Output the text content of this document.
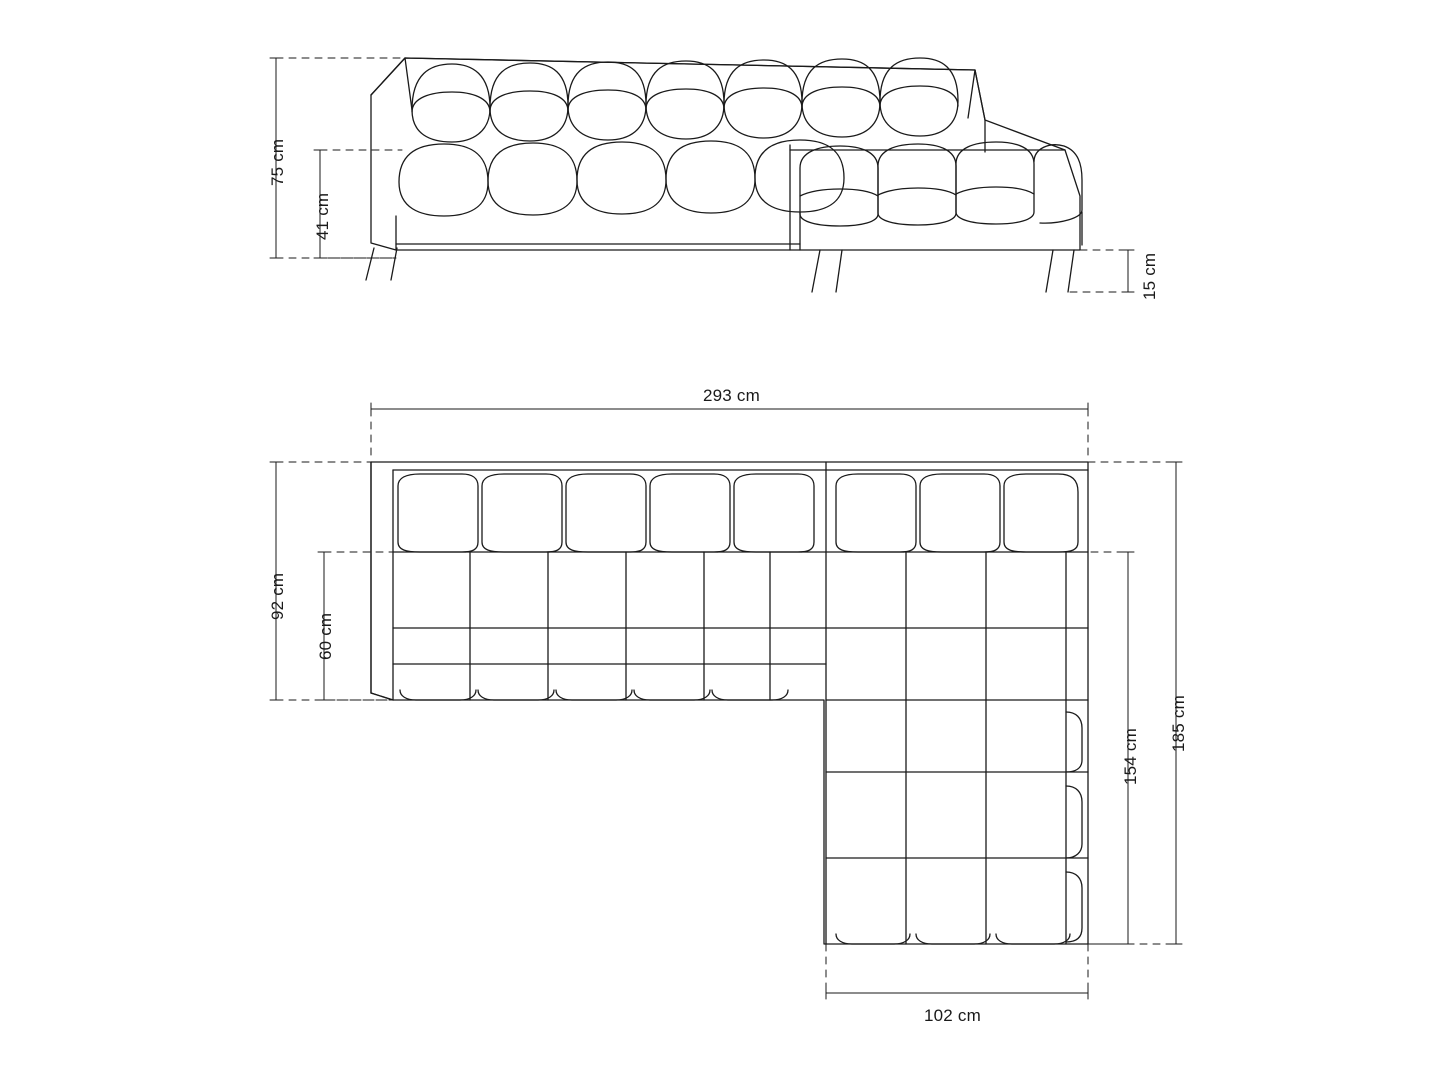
75 cm
41 cm
15 cm
293 cm
92 cm
60 cm
185 cm
154 cm
102 cm
